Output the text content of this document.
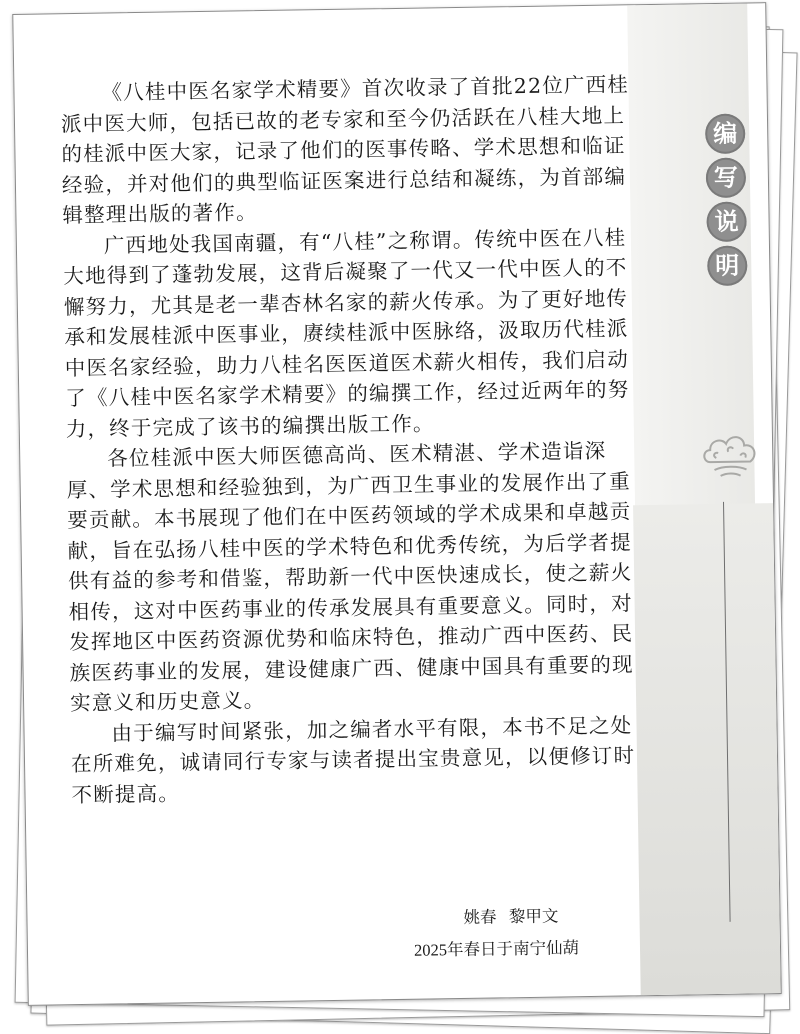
编
写
说
明

《八桂中医名家学术精要》首次收录了首批22位广西桂派中医大师，包括已故的老专家和至今仍活跃在八桂大地上的桂派中医大家，记录了他们的医事传略、学术思想和临证经验，并对他们的典型临证医案进行总结和凝练，为首部编辑整理出版的著作。

广西地处我国南疆，有“八桂”之称谓。传统中医在八桂大地得到了蓬勃发展，这背后凝聚了一代又一代中医人的不懈努力，尤其是老一辈杏林名家的薪火传承。为了更好地传承和发展桂派中医事业，赓续桂派中医脉络，汲取历代桂派中医名家经验，助力八桂名医医道医术薪火相传，我们启动了《八桂中医名家学术精要》的编撰工作，经过近两年的努力，终于完成了该书的编撰出版工作。

各位桂派中医大师医德高尚、医术精湛、学术造诣深厚、学术思想和经验独到，为广西卫生事业的发展作出了重要贡献。本书展现了他们在中医药领域的学术成果和卓越贡献，旨在弘扬八桂中医的学术特色和优秀传统，为后学者提供有益的参考和借鉴，帮助新一代中医快速成长，使之薪火相传，这对中医药事业的传承发展具有重要意义。同时，对发挥地区中医药资源优势和临床特色，推动广西中医药、民族医药事业的发展，建设健康广西、健康中国具有重要的现实意义和历史意义。

由于编写时间紧张，加之编者水平有限，本书不足之处在所难免，诚请同行专家与读者提出宝贵意见，以便修订时不断提高。

姚春   黎甲文
2025年春日于南宁仙葫
